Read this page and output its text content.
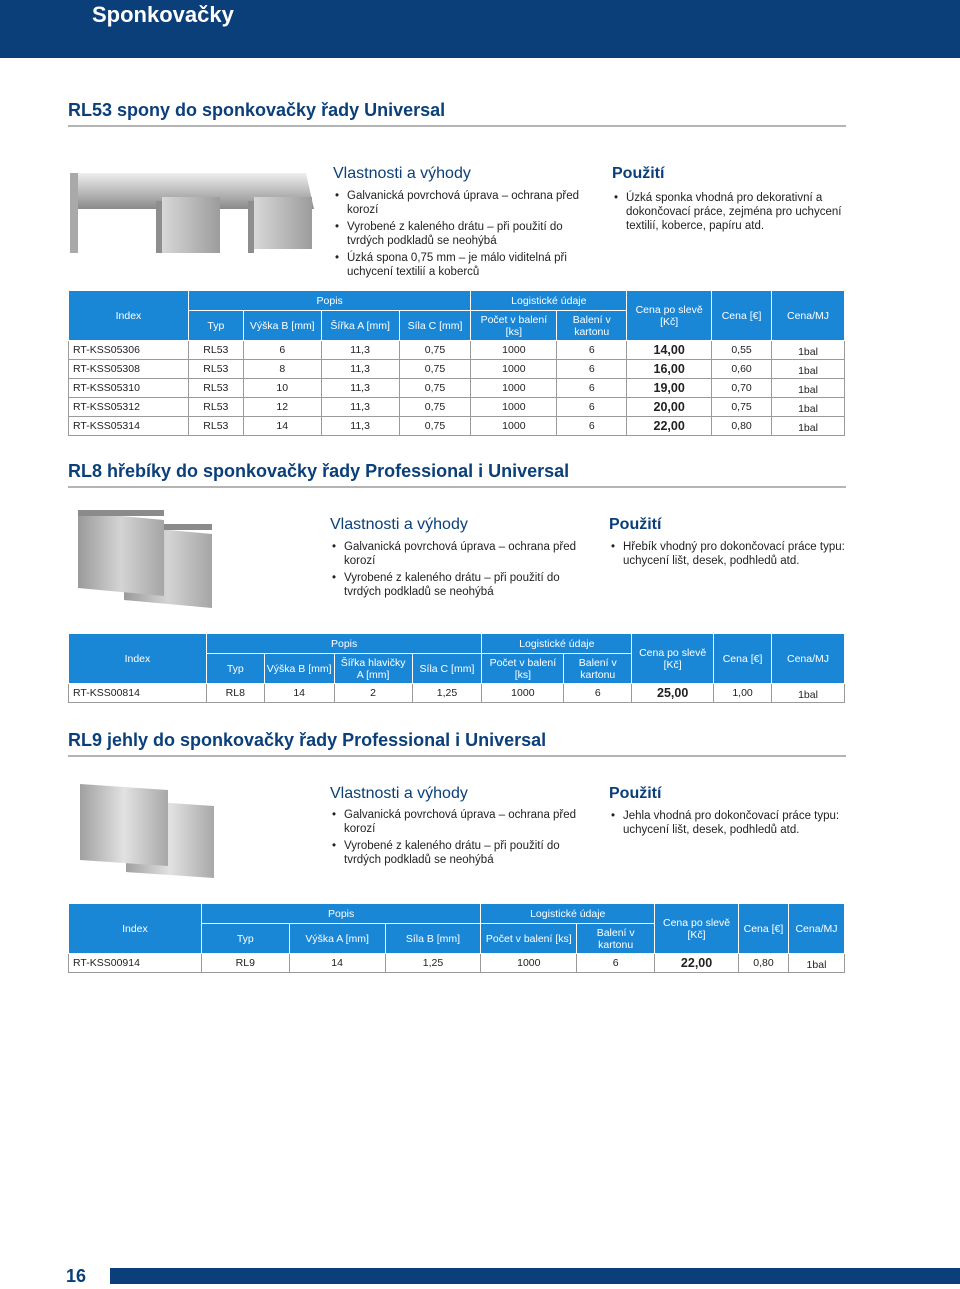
Sponkovačky
RL53 spony do sponkovačky řady Universal
Vlastnosti a výhody
• Galvanická povrchová úprava – ochrana před korozí
• Vyrobené z kaleného drátu – při použití do tvrdých podkladů se neohýbá
• Úzká spona 0,75 mm – je málo viditelná při uchycení textilií a koberců
Použití
• Úzká sponka vhodná pro dekorativní a dokončovací práce, zejména pro uchycení textilií, koberce, papíru atd.
Index	Popis				Logistické údaje		Cena po slevě [Kč]	Cena [€]	Cena/MJ
	Typ	Výška B [mm]	Šířka A [mm]	Síla C [mm]	Počet v balení [ks]	Balení v kartonu			
RT-KSS05306	RL53	6	11,3	0,75	1000	6	14,00	0,55	1bal
RT-KSS05308	RL53	8	11,3	0,75	1000	6	16,00	0,60	1bal
RT-KSS05310	RL53	10	11,3	0,75	1000	6	19,00	0,70	1bal
RT-KSS05312	RL53	12	11,3	0,75	1000	6	20,00	0,75	1bal
RT-KSS05314	RL53	14	11,3	0,75	1000	6	22,00	0,80	1bal
RL8 hřebíky do sponkovačky řady Professional i Universal
Vlastnosti a výhody
• Galvanická povrchová úprava – ochrana před korozí
• Vyrobené z kaleného drátu – při použití do tvrdých podkladů se neohýbá
Použití
• Hřebík vhodný pro dokončovací práce typu: uchycení lišt, desek, podhledů atd.
Index	Popis				Logistické údaje		Cena po slevě [Kč]	Cena [€]	Cena/MJ
	Typ	Výška B [mm]	Šířka hlavičky A [mm]	Síla C [mm]	Počet v balení [ks]	Balení v kartonu			
RT-KSS00814	RL8	14	2	1,25	1000	6	25,00	1,00	1bal
RL9 jehly do sponkovačky řady Professional i Universal
Vlastnosti a výhody
• Galvanická povrchová úprava – ochrana před korozí
• Vyrobené z kaleného drátu – při použití do tvrdých podkladů se neohýbá
Použití
• Jehla vhodná pro dokončovací práce typu: uchycení lišt, desek, podhledů atd.
Index	Popis			Logistické údaje		Cena po slevě [Kč]	Cena [€]	Cena/MJ
	Typ	Výška A [mm]	Síla B [mm]	Počet v balení [ks]	Balení v kartonu			
RT-KSS00914	RL9	14	1,25	1000	6	22,00	0,80	1bal
16
